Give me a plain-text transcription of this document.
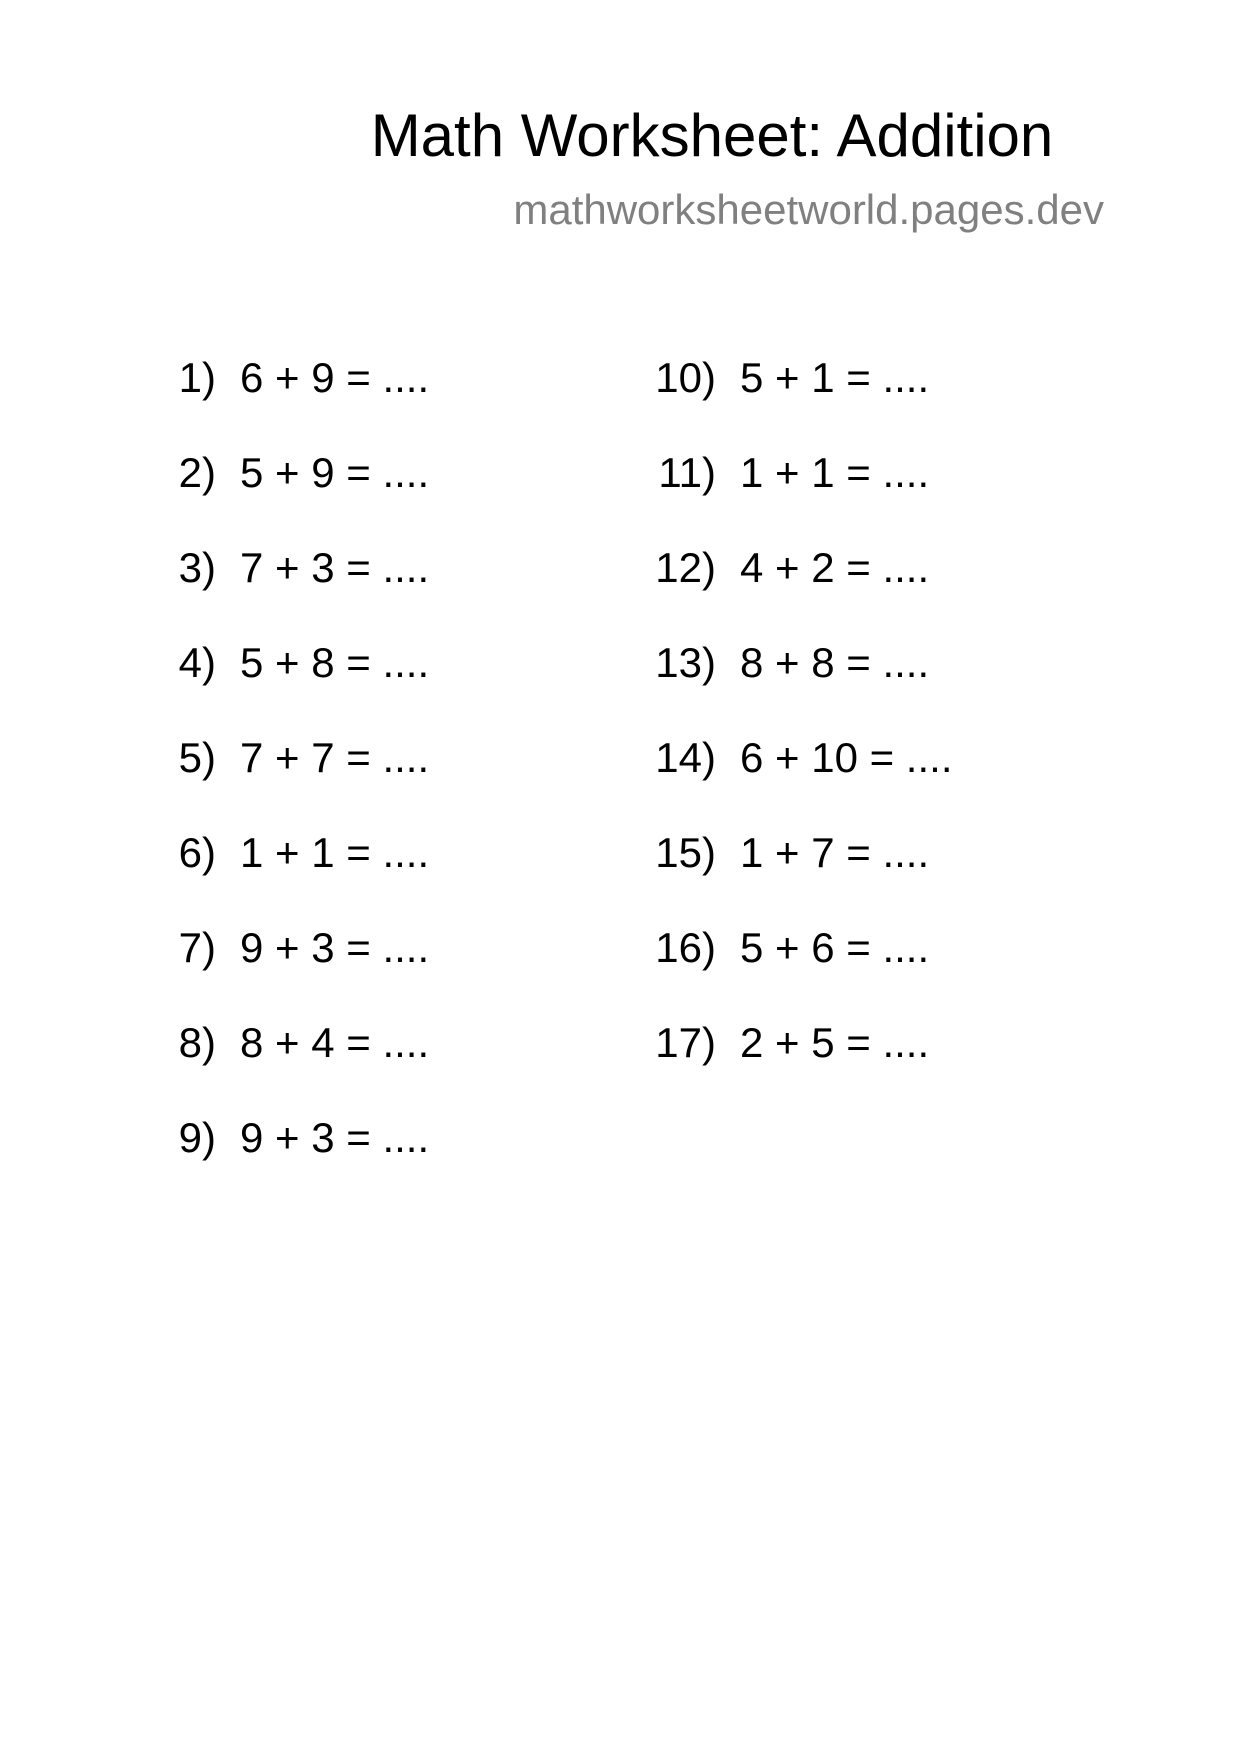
Math Worksheet: Addition
mathworksheetworld.pages.dev
1 ) 6 + 9 = ....
2 ) 5 + 9 = ....
3 ) 7 + 3 = ....
4 ) 5 + 8 = ....
5 ) 7 + 7 = ....
6 ) 1 + 1 = ....
7 ) 9 + 3 = ....
8 ) 8 + 4 = ....
9 ) 9 + 3 = ....
10 ) 5 + 1 = ....
11 ) 1 + 1 = ....
12 ) 4 + 2 = ....
13 ) 8 + 8 = ....
14 ) 6 + 10 = ....
15 ) 1 + 7 = ....
16 ) 5 + 6 = ....
17 ) 2 + 5 = ....
